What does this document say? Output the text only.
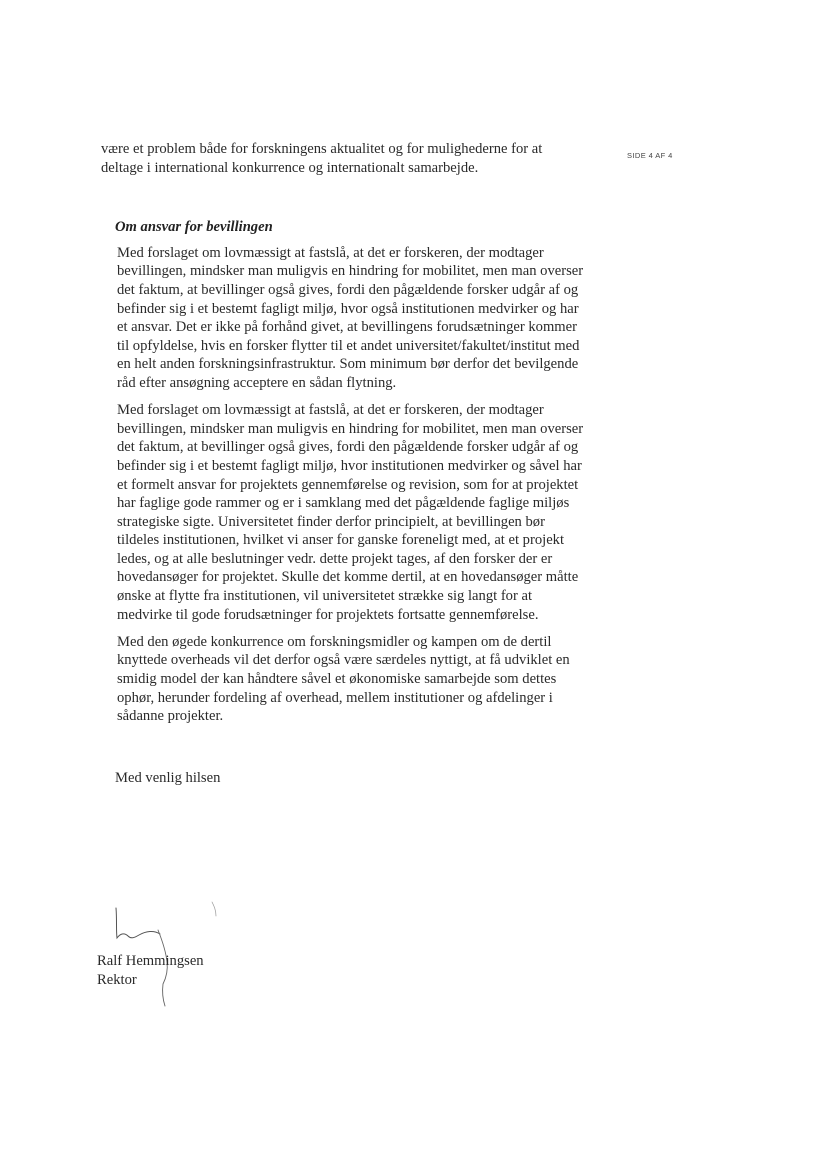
SIDE 4 AF 4

være et problem både for forskningens aktualitet og for mulighederne for at
deltage i international konkurrence og internationalt samarbejde.

Om ansvar for bevillingen

Med forslaget om lovmæssigt at fastslå, at det er forskeren, der modtager bevillingen, mindsker man muligvis en hindring for mobilitet, men man overser det faktum, at bevillinger også gives, fordi den pågældende forsker udgår af og befinder sig i et bestemt fagligt miljø, hvor også institutionen medvirker og har et ansvar. Det er ikke på forhånd givet, at bevillingens forudsætninger kommer til opfyldelse, hvis en forsker flytter til et andet universitet/fakultet/institut med en helt anden forskningsinfrastruktur. Som minimum bør derfor det bevilgende råd efter ansøgning acceptere en sådan flytning.

Med forslaget om lovmæssigt at fastslå, at det er forskeren, der modtager bevillingen, mindsker man muligvis en hindring for mobilitet, men man overser det faktum, at bevillinger også gives, fordi den pågældende forsker udgår af og befinder sig i et bestemt fagligt miljø, hvor institutionen medvirker og såvel har et formelt ansvar for projektets gennemførelse og revision, som for at projektet har faglige gode rammer og er i samklang med det pågældende faglige miljøs strategiske sigte. Universitetet finder derfor principielt, at bevillingen bør tildeles institutionen, hvilket vi anser for ganske foreneligt med, at et projekt ledes, og at alle beslutninger vedr. dette projekt tages, af den forsker der er hovedansøger for projektet. Skulle det komme dertil, at en hovedansøger måtte ønske at flytte fra institutionen, vil universitetet strække sig langt for at medvirke til gode forudsætninger for projektets fortsatte gennemførelse.

Med den øgede konkurrence om forskningsmidler og kampen om de dertil knyttede overheads vil det derfor også være særdeles nyttigt, at få udviklet en smidig model der kan håndtere såvel et økonomiske samarbejde som dettes ophør, herunder fordeling af overhead, mellem institutioner og afdelinger i sådanne projekter.

Med venlig hilsen
Ralf Hemmingsen
Rektor
